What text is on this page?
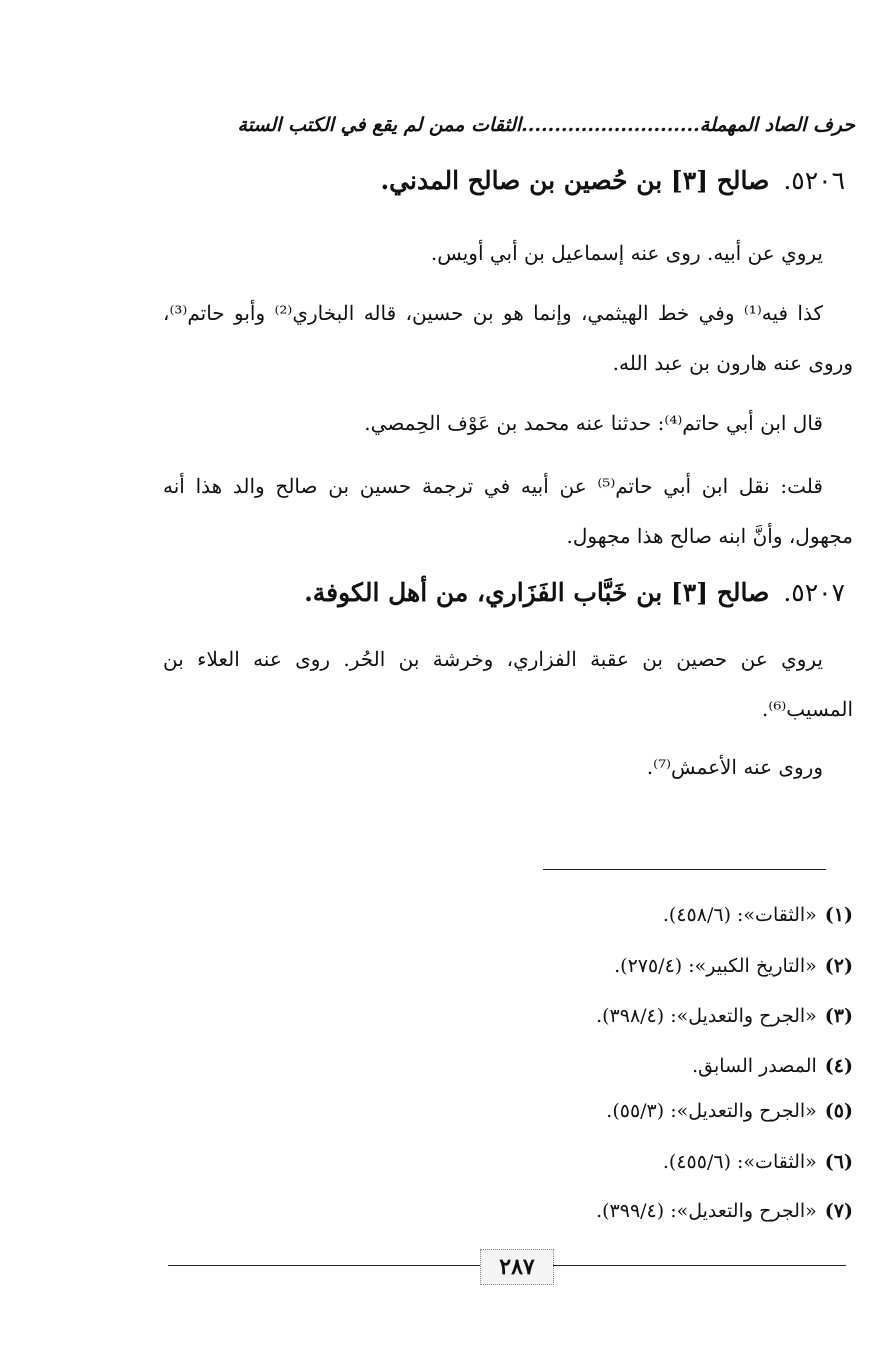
حرف الصاد المهملة...........................الثقات ممن لم يقع في الكتب الستة
٥٢٠٦.صالح [٣] بن حُصين بن صالح المدني.
يروي عن أبيه. روى عنه إسماعيل بن أبي أويس.
كذا فيه⁽¹⁾ وفي خط الهيثمي، وإنما هو بن حسين، قاله البخاري⁽²⁾ وأبو حاتم⁽³⁾، وروى عنه هارون بن عبد الله.
قال ابن أبي حاتم⁽⁴⁾: حدثنا عنه محمد بن عَوْف الحِمصي.
قلت: نقل ابن أبي حاتم⁽⁵⁾ عن أبيه في ترجمة حسين بن صالح والد هذا أنه مجهول، وأنَّ ابنه صالح هذا مجهول.
٥٢٠٧.صالح [٣] بن خَبَّاب الفَزَاري، من أهل الكوفة.
يروي عن حصين بن عقبة الفزاري، وخرشة بن الحُر. روى عنه العلاء بن المسيب⁽⁶⁾.
وروى عنه الأعمش⁽⁷⁾.
(١)«الثقات»: (٤٥٨/٦).
(٢)«التاريخ الكبير»: (٢٧٥/٤).
(٣)«الجرح والتعديل»: (٣٩٨/٤).
(٤)المصدر السابق.
(٥)«الجرح والتعديل»: (٥٥/٣).
(٦)«الثقات»: (٤٥٥/٦).
(٧)«الجرح والتعديل»: (٣٩٩/٤).
٢٨٧
